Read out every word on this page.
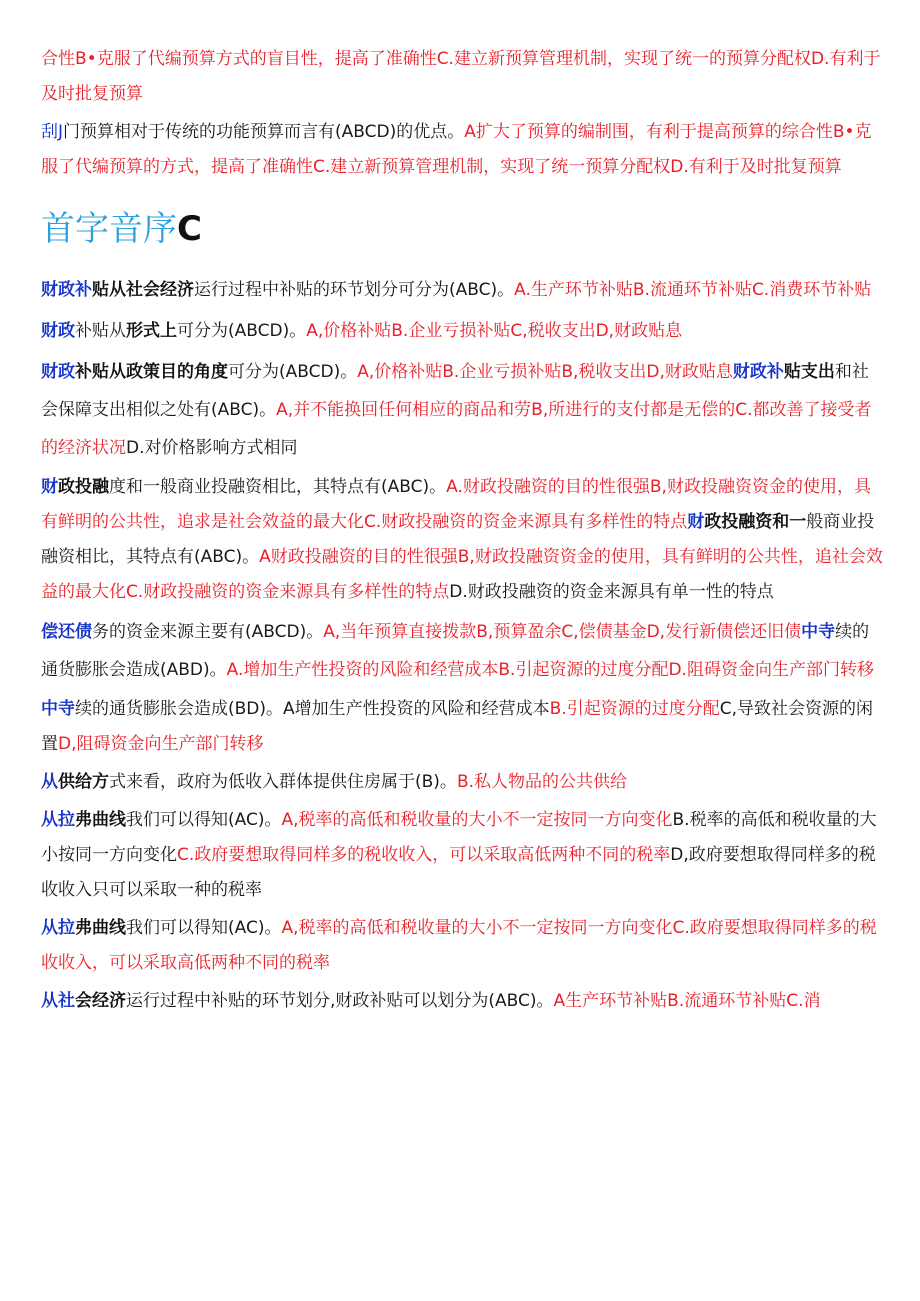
合性B•克服了代编预算方式的盲目性，提高了准确性C.建立新预算管理机制，实现了统一的预算分配权D.有利于及时批复预算

刮J门预算相对于传统的功能预算而言有(ABCD)的优点。A扩大了预算的编制围，有利于提高预算的综合性B•克服了代编预算的方式，提高了准确性C.建立新预算管理机制，实现了统一预算分配权D.有利于及时批复预算

首字音序C

财政补贴从社会经济运行过程中补贴的环节划分可分为(ABC)。A.生产环节补贴B.流通环节补贴C.消费环节补贴

财政补贴从形式上可分为(ABCD)。A,价格补贴B.企业亏损补贴C,税收支出D,财政贴息

财政补贴从政策目的角度可分为(ABCD)。A,价格补贴B.企业亏损补贴B,税收支出D,财政贴息财政补贴支出和社会保障支出相似之处有(ABC)。A,并不能换回任何相应的商品和劳B,所进行的支付都是无偿的C.都改善了接受者的经济状况D.对价格影响方式相同

财政投融度和一般商业投融资相比，其特点有(ABC)。A.财政投融资的目的性很强B,财政投融资资金的使用，具有鲜明的公共性，追求是社会效益的最大化C.财政投融资的资金来源具有多样性的特点财政投融资和一般商业投融资相比，其特点有(ABC)。A财政投融资的目的性很强B,财政投融资资金的使用，具有鲜明的公共性，追社会效益的最大化C.财政投融资的资金来源具有多样性的特点D.财政投融资的资金来源具有单一性的特点

偿还债务的资金来源主要有(ABCD)。A,当年预算直接拨款B,预算盈余C,偿债基金D,发行新债偿还旧债中寺续的通货膨胀会造成(ABD)。A.增加生产性投资的风险和经营成本B.引起资源的过度分配D.阻碍资金向生产部门转移

中寺续的通货膨胀会造成(BD)。A增加生产性投资的风险和经营成本B.引起资源的过度分配C,导致社会资源的闲置D,阻碍资金向生产部门转移

从供给方式来看，政府为低收入群体提供住房属于(B)。B.私人物品的公共供给

从拉弗曲线我们可以得知(AC)。A,税率的高低和税收量的大小不一定按同一方向变化B.税率的高低和税收量的大小按同一方向变化C.政府要想取得同样多的税收收入，可以采取高低两种不同的税率D,政府要想取得同样多的税收收入只可以采取一种的税率

从拉弗曲线我们可以得知(AC)。A,税率的高低和税收量的大小不一定按同一方向变化C.政府要想取得同样多的税收收入，可以采取高低两种不同的税率

从社会经济运行过程中补贴的环节划分,财政补贴可以划分为(ABC)。A生产环节补贴B.流通环节补贴C.消
